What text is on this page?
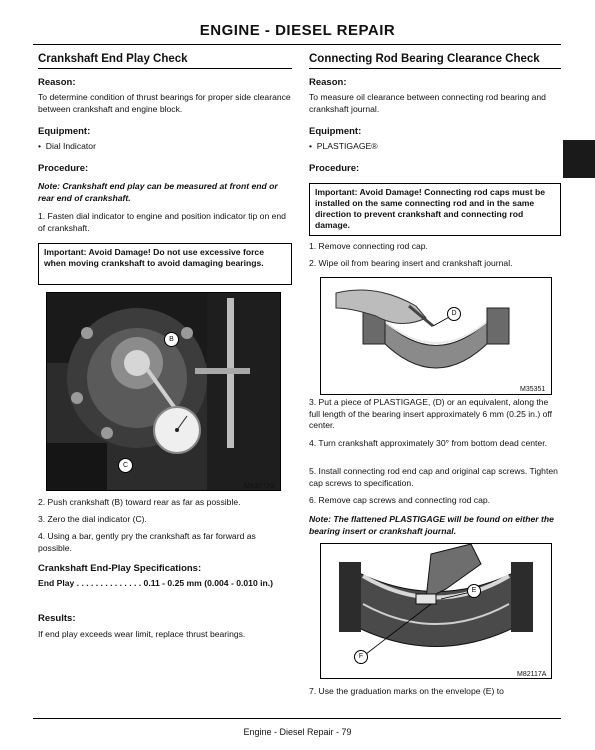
ENGINE - DIESEL REPAIR
Crankshaft End Play Check
Reason:
To determine condition of thrust bearings for proper side clearance between crankshaft and engine block.
Equipment:
•  Dial Indicator
Procedure:
Note: Crankshaft end play can be measured at front end or rear end of crankshaft.
1. Fasten dial indicator to engine and position indicator tip on end of crankshaft.
Important: Avoid Damage! Do not use excessive force when moving crankshaft to avoid damaging bearings.
B
C
MX37720
2. Push crankshaft (B) toward rear as far as possible.
3. Zero the dial indicator (C).
4. Using a bar, gently pry the crankshaft as far forward as possible.
Crankshaft End-Play Specifications:
End Play . . . . . . . . . . . . . . 0.11 - 0.25 mm (0.004 - 0.010 in.)
Results:
If end play exceeds wear limit, replace thrust bearings.
Connecting Rod Bearing Clearance Check
Reason:
To measure oil clearance between connecting rod bearing and crankshaft journal.
Equipment:
•  PLASTIGAGE®
Procedure:
Important: Avoid Damage! Connecting rod caps must be installed on the same connecting rod and in the same direction to prevent crankshaft and connecting rod damage.
1. Remove connecting rod cap.
2. Wipe oil from bearing insert and crankshaft journal.
D
M35351
3. Put a piece of PLASTIGAGE, (D) or an equivalent, along the full length of the bearing insert approximately 6 mm (0.25 in.) off center.
4. Turn crankshaft approximately 30° from bottom dead center.
5. Install connecting rod end cap and original cap screws. Tighten cap screws to specification.
6. Remove cap screws and connecting rod cap.
Note: The flattened PLASTIGAGE will be found on either the bearing insert or crankshaft journal.
E
F
M82117A
7. Use the graduation marks on the envelope (E) to
Engine - Diesel Repair - 79
